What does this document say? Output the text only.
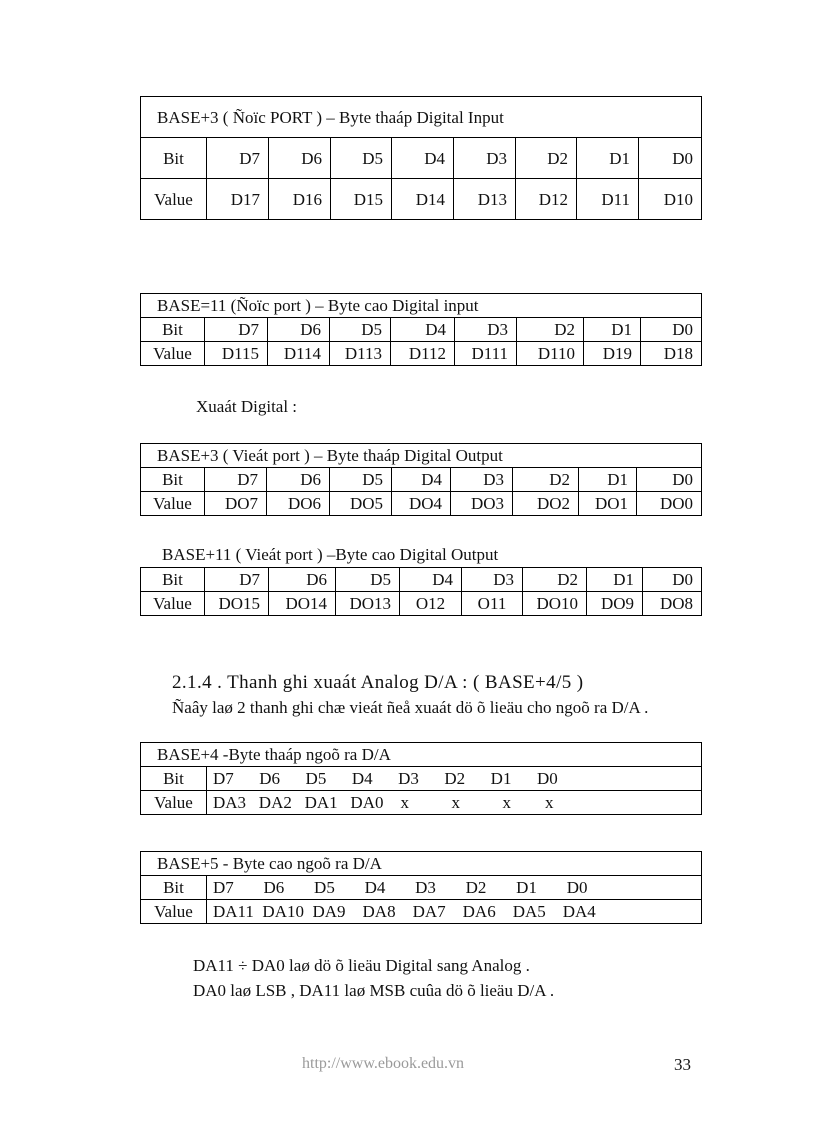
BASE+3 ( Ñoïc PORT ) – Byte thaáp Digital Input								
Bit	D7	D6	D5	D4	D3	D2	D1	D0
Value	D17	D16	D15	D14	D13	D12	D11	D10
BASE=11 (Ñoïc port ) – Byte cao Digital input								
Bit	D7	D6	D5	D4	D3	D2	D1	D0
Value	D115	D114	D113	D112	D111	D110	D19	D18
Xuaát Digital :
BASE+3 ( Vieát port ) – Byte thaáp Digital Output								
Bit	D7	D6	D5	D4	D3	D2	D1	D0
Value	DO7	DO6	DO5	DO4	DO3	DO2	DO1	DO0
BASE+11 ( Vieát port ) –Byte cao Digital Output
Bit	D7	D6	D5	D4	D3	D2	D1	D0
Value	DO15	DO14	DO13	O12	O11	DO10	DO9	DO8
2.1.4 . Thanh ghi xuaát Analog D/A : ( BASE+4/5 )
Ñaây laø 2 thanh ghi chæ vieát ñeå xuaát dö õ lieäu cho ngoõ ra D/A .
BASE+4 -Byte thaáp ngoõ ra D/A	
Bit	D7      D6      D5      D4      D3      D2      D1      D0
Value	DA3   DA2   DA1   DA0    x          x          x        x
BASE+5 - Byte cao ngoõ ra D/A	
Bit	D7       D6       D5       D4       D3       D2       D1       D0
Value	DA11  DA10  DA9    DA8    DA7    DA6    DA5    DA4
DA11 ÷ DA0 laø dö õ lieäu Digital sang Analog .
DA0 laø LSB , DA11 laø MSB cuûa dö õ lieäu D/A .
http://www.ebook.edu.vn	33
